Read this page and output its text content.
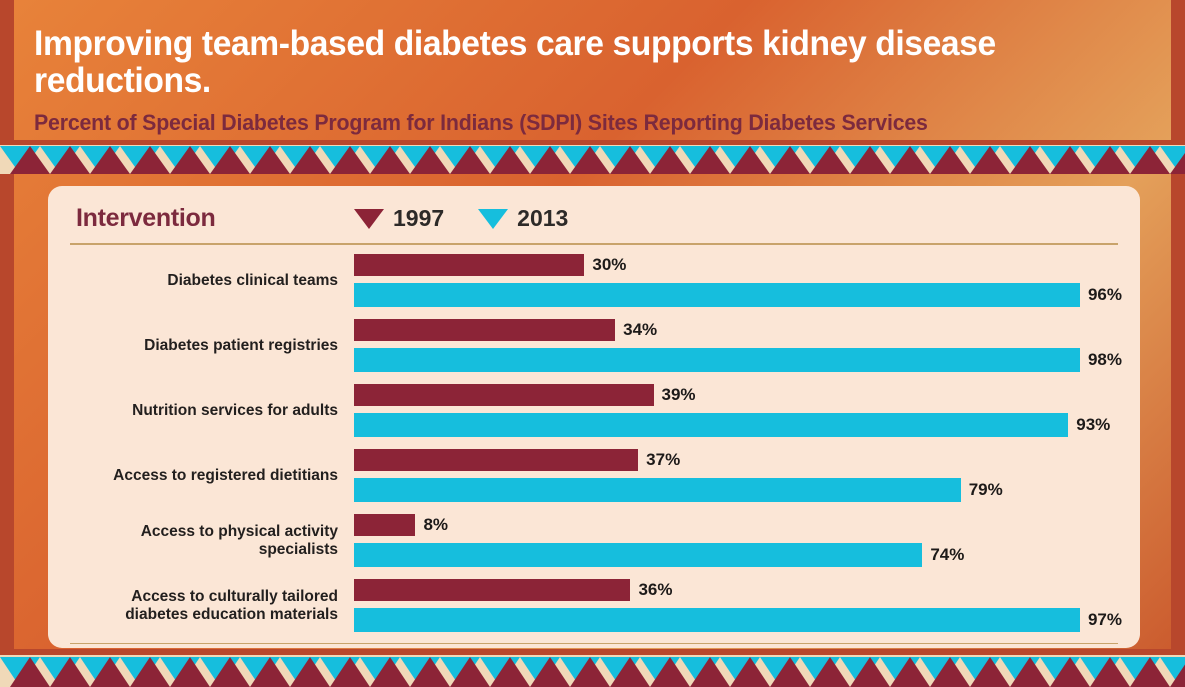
Improving team-based diabetes care supports kidney disease reductions.
Percent of Special Diabetes Program for Indians (SDPI) Sites Reporting Diabetes Services
Intervention	1997	2013
Diabetes clinical teams
30%
96%
Diabetes patient registries
34%
98%
Nutrition services for adults
39%
93%
Access to registered dietitians
37%
79%
Access to physical activity specialists
8%
74%
Access to culturally tailored diabetes education materials
36%
97%
